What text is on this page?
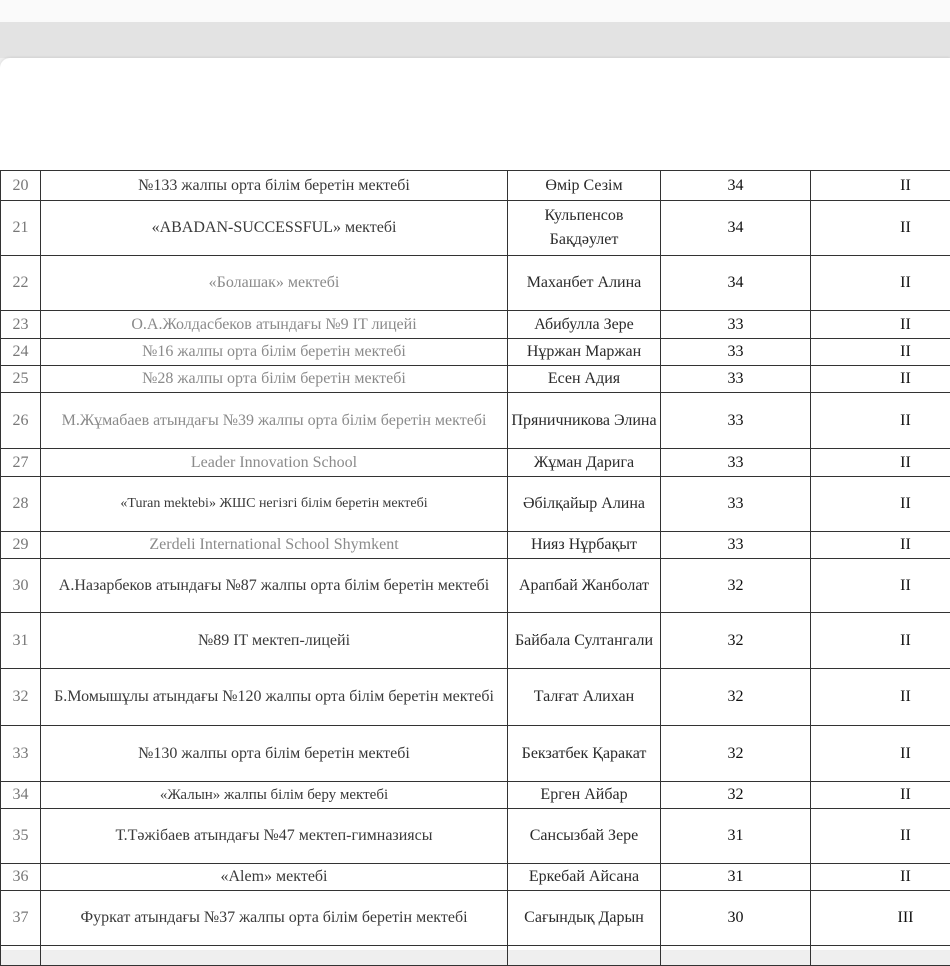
20	№133 жалпы орта білім беретін мектебі	Өмір Сезім	34	II
21	«ABADAN-SUCCESSFUL» мектебі	Кульпенсов Бақдәулет	34	II
22	«Болашак» мектебі	Маханбет Алина	34	II
23	О.А.Жолдасбеков атындағы №9 IT лицейі	Абибулла Зере	33	II
24	№16 жалпы орта білім беретін мектебі	Нұржан Маржан	33	II
25	№28 жалпы орта білім беретін мектебі	Есен Адия	33	II
26	М.Жұмабаев атындағы №39 жалпы орта білім беретін мектебі	Пряничникова Элина	33	II
27	Leader Innovation School	Жұман Дарига	33	II
28	«Turan mektebi» ЖШС негізгі білім беретін мектебі	Әбілқайыр Алина	33	II
29	Zerdeli International School Shymkent	Нияз Нұрбақыт	33	II
30	А.Назарбеков атындағы №87 жалпы орта білім беретін мектебі	Арапбай Жанболат	32	II
31	№89 IT мектеп-лицейі	Байбала Султангали	32	II
32	Б.Момышұлы атындағы №120 жалпы орта білім беретін мектебі	Талғат Алихан	32	II
33	№130 жалпы орта білім беретін мектебі	Бекзатбек Қаракат	32	II
34	«Жалын» жалпы білім беру мектебі	Ерген Айбар	32	II
35	Т.Тәжібаев атындағы №47 мектеп-гимназиясы	Сансызбай Зере	31	II
36	«Alem» мектебі	Еркебай Айсана	31	II
37	Фуркат атындағы №37 жалпы орта білім беретін мектебі	Сағындық Дарын	30	III
